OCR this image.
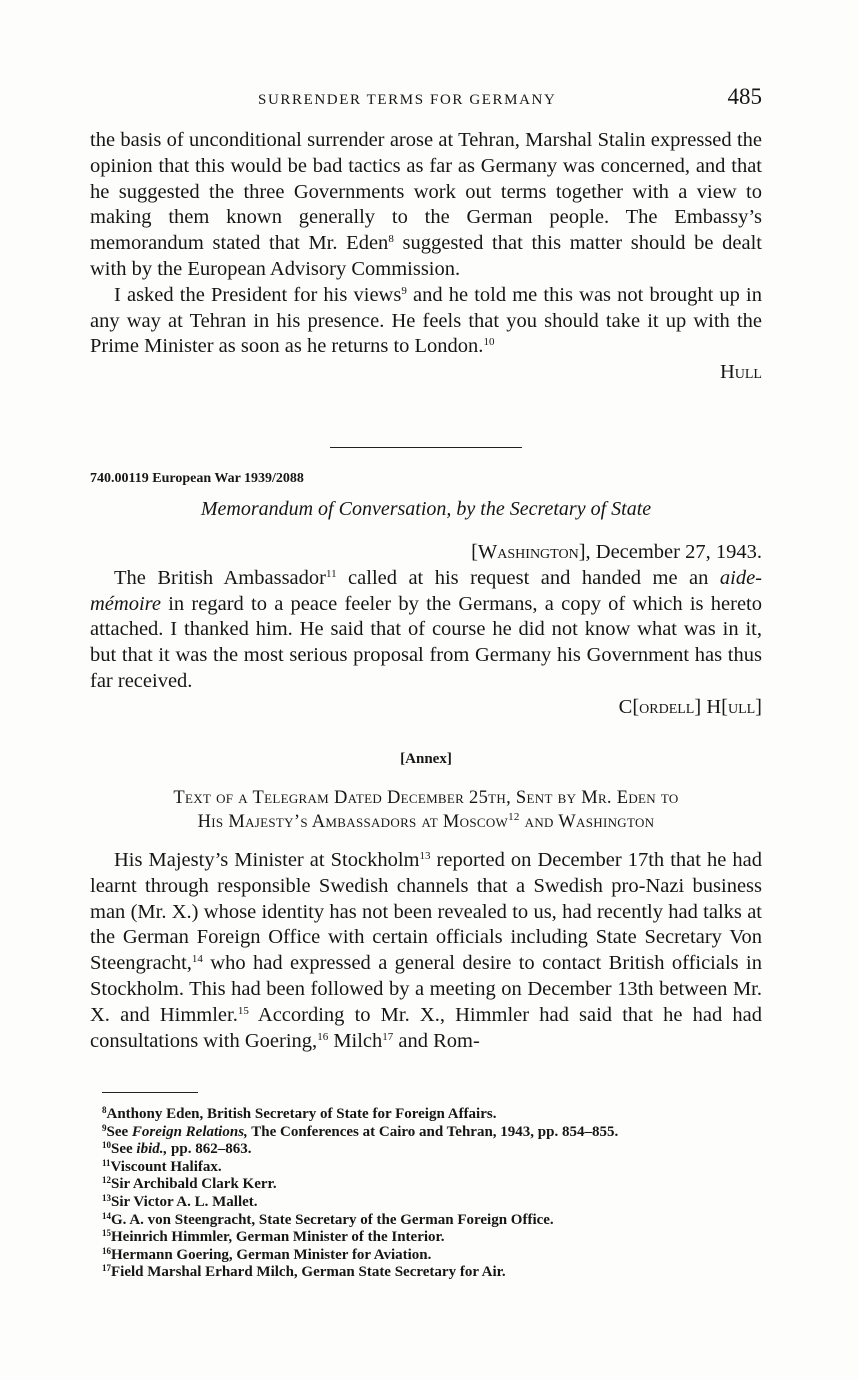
SURRENDER TERMS FOR GERMANY	485

the basis of unconditional surrender arose at Tehran, Marshal Stalin expressed the opinion that this would be bad tactics as far as Germany was concerned, and that he suggested the three Governments work out terms together with a view to making them known generally to the German people. The Embassy’s memorandum stated that Mr. Eden$^8$ suggested that this matter should be dealt with by the European Advisory Commission.

I asked the President for his views$^9$ and he told me this was not brought up in any way at Tehran in his presence. He feels that you should take it up with the Prime Minister as soon as he returns to London.$^{10}$

Hull

740.00119 European War 1939/2088
Memorandum of Conversation, by the Secretary of State

[Washington], December 27, 1943.

The British Ambassador$^{11}$ called at his request and handed me an aide-mémoire in regard to a peace feeler by the Germans, a copy of which is hereto attached. I thanked him. He said that of course he did not know what was in it, but that it was the most serious proposal from Germany his Government has thus far received.

C[ordell] H[ull]

[Annex]
Text of a Telegram Dated December 25th, Sent by Mr. Eden to
His Majesty’s Ambassadors at Moscow$^{12}$ and Washington

His Majesty’s Minister at Stockholm$^{13}$ reported on December 17th that he had learnt through responsible Swedish channels that a Swedish pro-Nazi business man (Mr. X.) whose identity has not been revealed to us, had recently had talks at the German Foreign Office with certain officials including State Secretary Von Steengracht,$^{14}$ who had expressed a general desire to contact British officials in Stockholm. This had been followed by a meeting on December 13th between Mr. X. and Himmler.$^{15}$ According to Mr. X., Himmler had said that he had had consultations with Goering,$^{16}$ Milch$^{17}$ and Rom-

$^8$Anthony Eden, British Secretary of State for Foreign Affairs.
$^9$See Foreign Relations, The Conferences at Cairo and Tehran, 1943, pp. 854–855.
$^{10}$See ibid., pp. 862–863.
$^{11}$Viscount Halifax.
$^{12}$Sir Archibald Clark Kerr.
$^{13}$Sir Victor A. L. Mallet.
$^{14}$G. A. von Steengracht, State Secretary of the German Foreign Office.
$^{15}$Heinrich Himmler, German Minister of the Interior.
$^{16}$Hermann Goering, German Minister for Aviation.
$^{17}$Field Marshal Erhard Milch, German State Secretary for Air.
